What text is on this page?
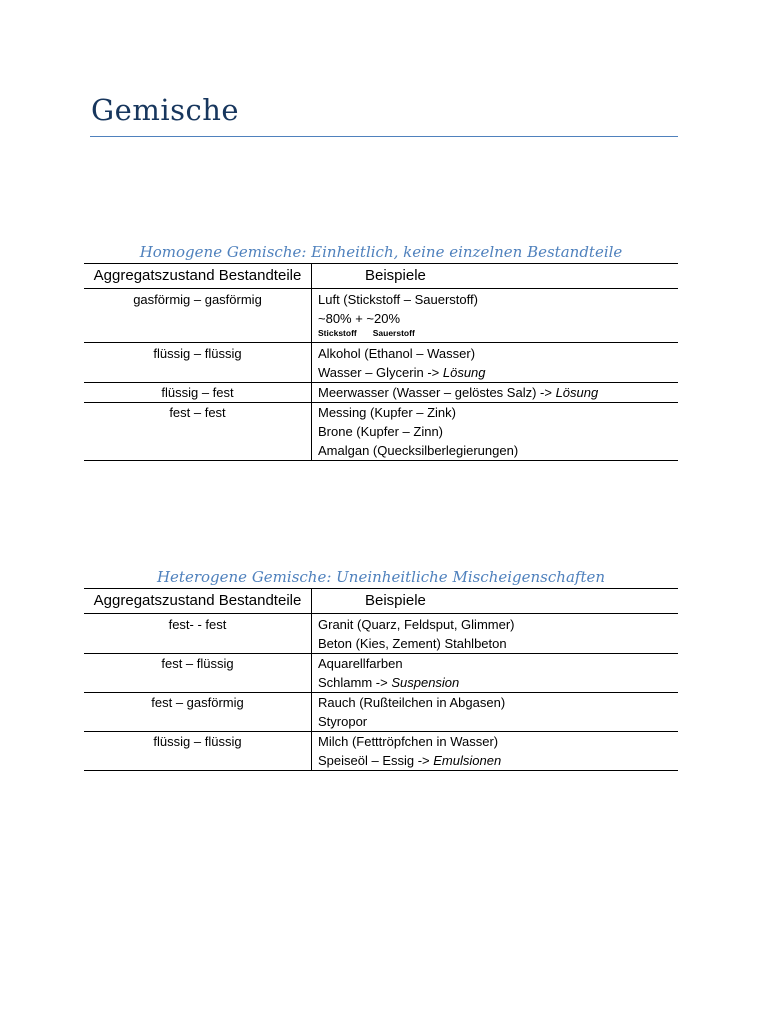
Gemische
Homogene Gemische: Einheitlich, keine einzelnen Bestandteile
Aggregatszustand Bestandteile	Beispiele
gasförmig – gasförmig	Luft (Stickstoff – Sauerstoff)
~80% + ~20%
Stickstoff Sauerstoff

flüssig – flüssig	Alkohol (Ethanol – Wasser)
Wasser – Glycerin -> Lösung

flüssig – fest	Meerwasser (Wasser – gelöstes Salz) -> Lösung

fest – fest	Messing (Kupfer – Zink)
Brone (Kupfer – Zinn)
Amalgan (Quecksilberlegierungen)
Heterogene Gemische: Uneinheitliche Mischeigenschaften
Aggregatszustand Bestandteile	Beispiele
fest- - fest	Granit (Quarz, Feldsput, Glimmer)
Beton (Kies, Zement) Stahlbeton

fest – flüssig	Aquarellfarben
Schlamm -> Suspension

fest – gasförmig	Rauch (Rußteilchen in Abgasen)
Styropor

flüssig – flüssig	Milch (Fetttröpfchen in Wasser)
Speiseöl – Essig -> Emulsionen
